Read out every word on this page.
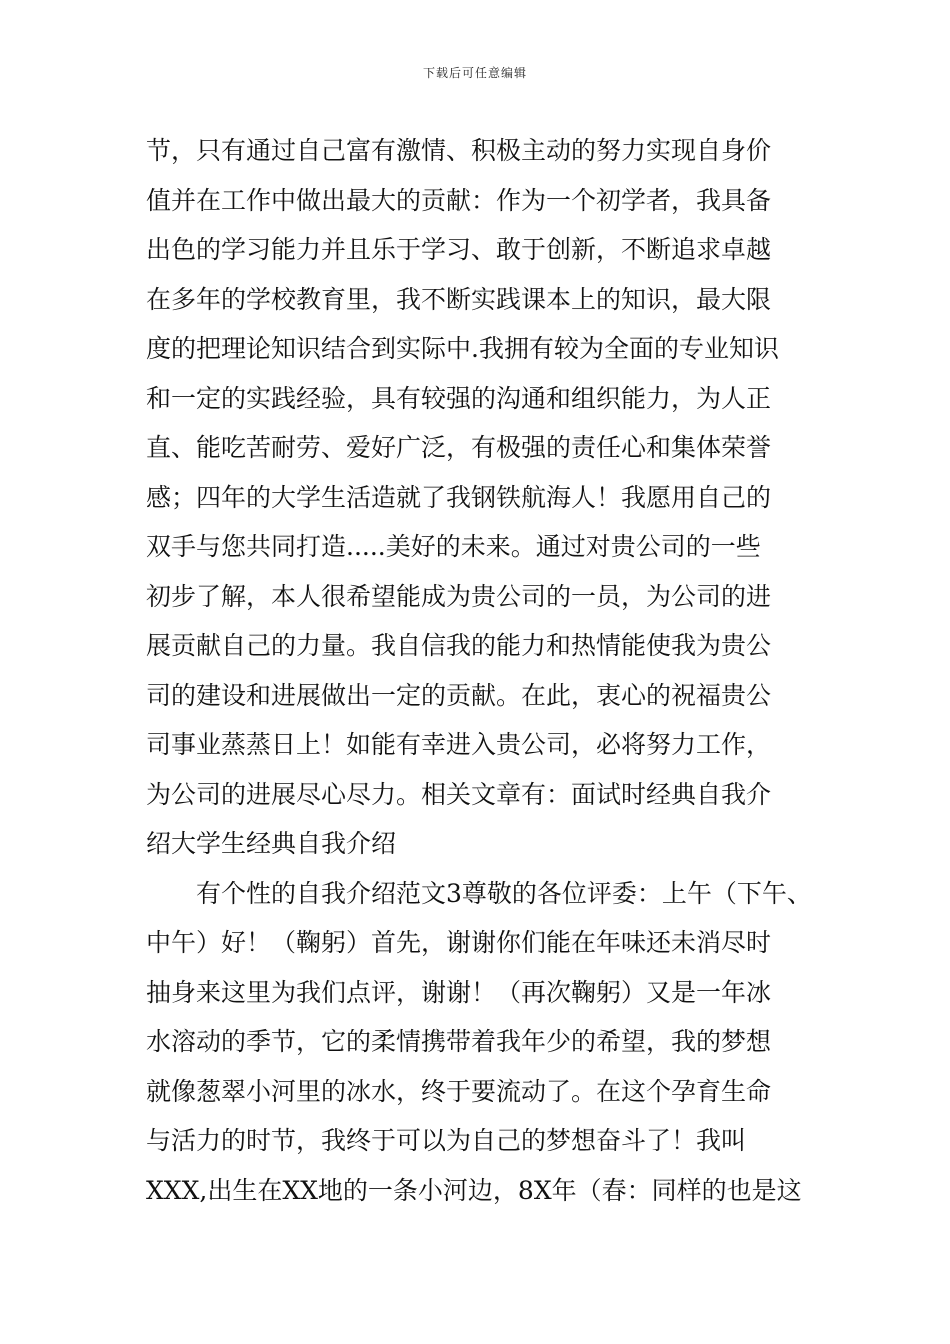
下载后可任意编辑
节，只有通过自己富有激情、积极主动的努力实现自身价
值并在工作中做出最大的贡献：作为一个初学者，我具备
出色的学习能力并且乐于学习、敢于创新，不断追求卓越
在多年的学校教育里，我不断实践课本上的知识，最大限
度的把理论知识结合到实际中.我拥有较为全面的专业知识
和一定的实践经验，具有较强的沟通和组织能力，为人正
直、能吃苦耐劳、爱好广泛，有极强的责任心和集体荣誉
感；四年的大学生活造就了我钢铁航海人！我愿用自己的
双手与您共同打造.....美好的未来。通过对贵公司的一些
初步了解，本人很希望能成为贵公司的一员，为公司的进
展贡献自己的力量。我自信我的能力和热情能使我为贵公
司的建设和进展做出一定的贡献。在此，衷心的祝福贵公
司事业蒸蒸日上！如能有幸进入贵公司，必将努力工作，
为公司的进展尽心尽力。相关文章有：面试时经典自我介
绍大学生经典自我介绍
有个性的自我介绍范文3尊敬的各位评委：上午（下午、
中午）好！（鞠躬）首先，谢谢你们能在年味还未消尽时
抽身来这里为我们点评，谢谢！（再次鞠躬）又是一年冰
水溶动的季节，它的柔情携带着我年少的希望，我的梦想
就像葱翠小河里的冰水，终于要流动了。在这个孕育生命
与活力的时节，我终于可以为自己的梦想奋斗了！我叫
XXX,出生在XX地的一条小河边，8X年（春：同样的也是这
